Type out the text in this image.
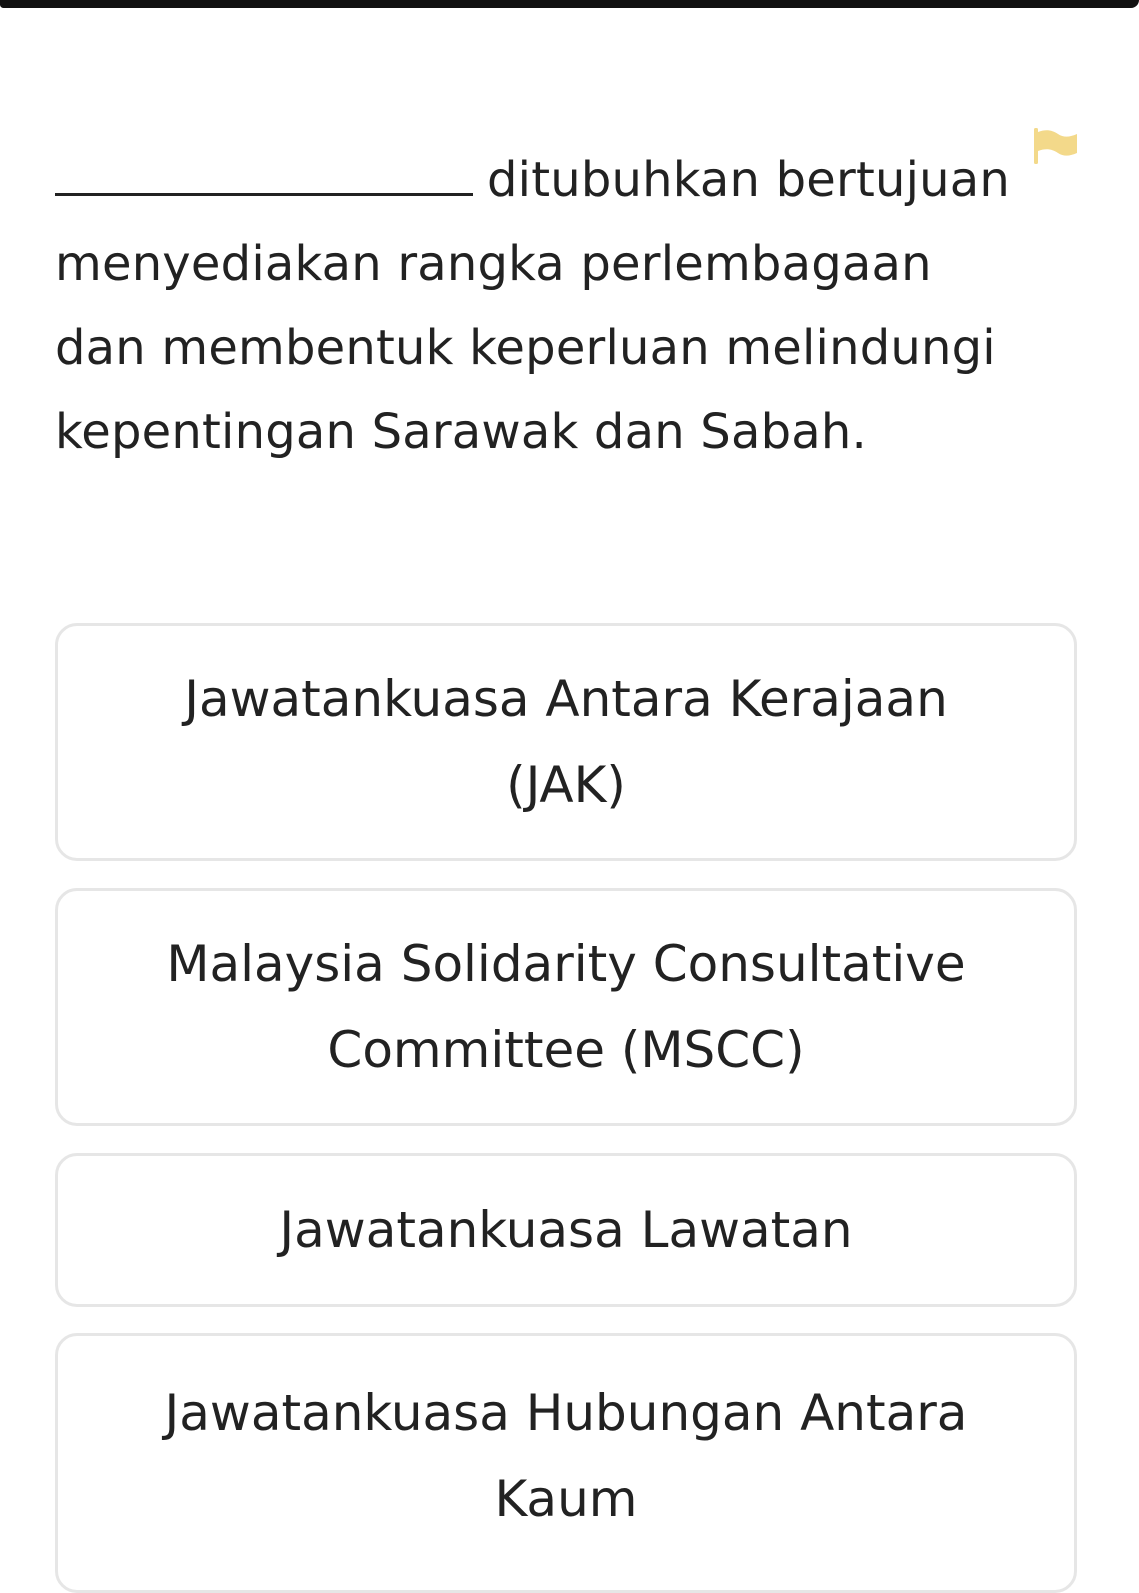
ditubuhkan bertujuan menyediakan rangka perlembagaan dan membentuk keperluan melindungi kepentingan Sarawak dan Sabah.

Jawatankuasa Antara Kerajaan (JAK)
Malaysia Solidarity Consultative Committee (MSCC)
Jawatankuasa Lawatan
Jawatankuasa Hubungan Antara Kaum
